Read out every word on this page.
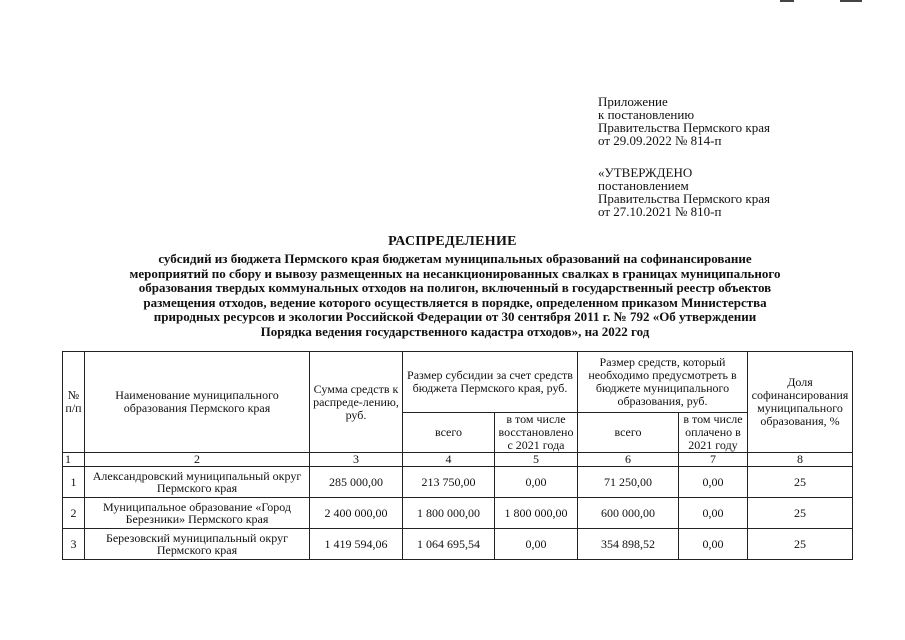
Приложение
к постановлению
Правительства Пермского края
от 29.09.2022 № 814-п
«УТВЕРЖДЕНО
постановлением
Правительства Пермского края
от 27.10.2021 № 810-п
РАСПРЕДЕЛЕНИЕ
субсидий из бюджета Пермского края бюджетам муниципальных образований на софинансирование
мероприятий по сбору и вывозу размещенных на несанкционированных свалках в границах муниципального
образования твердых коммунальных отходов на полигон, включенный в государственный реестр объектов
размещения отходов, ведение которого осуществляется в порядке, определенном приказом Министерства
природных ресурсов и экологии Российской Федерации от 30 сентября 2011 г. № 792 «Об утверждении
Порядка ведения государственного кадастра отходов», на 2022 год
№ п/п	Наименование муниципального образования Пермского края	Сумма средств к распреде-лению, руб.	Размер субсидии за счет средств бюджета Пермского края, руб.		Размер средств, который необходимо предусмотреть в бюджете муниципального образования, руб.		Доля софинансирования муниципального образования, %
			всего	в том числе восстановлено с 2021 года	всего	в том числе оплачено в 2021 году	
1	2	3	4	5	6	7	8
1	Александровский муниципальный округ Пермского края	285 000,00	213 750,00	0,00	71 250,00	0,00	25
2	Муниципальное образование «Город Березники» Пермского края	2 400 000,00	1 800 000,00	1 800 000,00	600 000,00	0,00	25
3	Березовский муниципальный округ Пермского края	1 419 594,06	1 064 695,54	0,00	354 898,52	0,00	25
